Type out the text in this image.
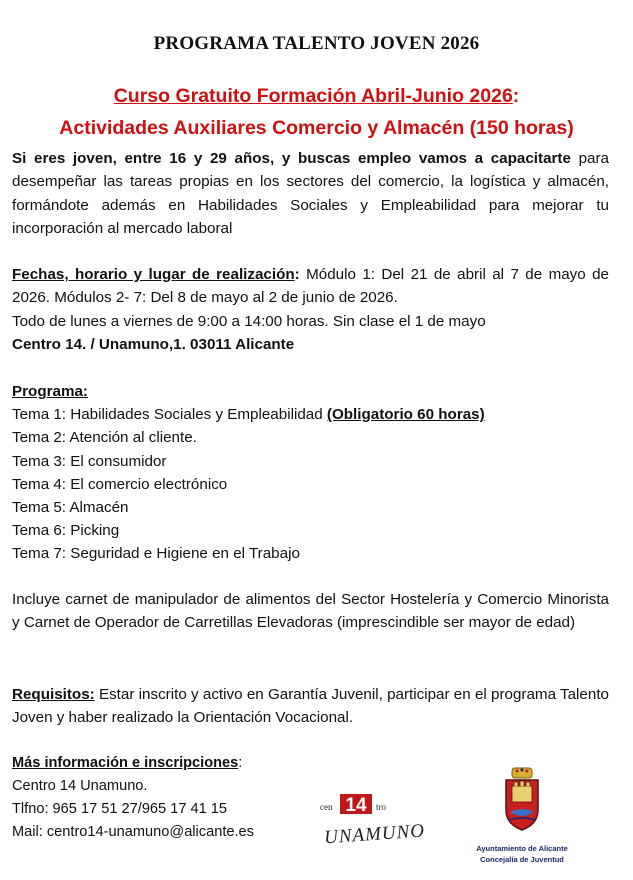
PROGRAMA TALENTO JOVEN 2026
Curso Gratuito Formación Abril-Junio 2026:
Actividades Auxiliares Comercio y Almacén (150 horas)
Si eres joven, entre 16 y 29 años, y buscas empleo vamos a capacitarte para desempeñar las tareas propias en los sectores del comercio, la logística y almacén, formándote además en Habilidades Sociales y Empleabilidad para mejorar tu incorporación al mercado laboral
Fechas, horario y lugar de realización: Módulo 1: Del 21 de abril al 7 de mayo de 2026. Módulos 2- 7: Del 8 de mayo al 2 de junio de 2026.
Todo de lunes a viernes de 9:00 a 14:00 horas. Sin clase el 1 de mayo
Centro 14. / Unamuno,1. 03011 Alicante
Programa:
Tema 1: Habilidades Sociales y Empleabilidad (Obligatorio 60 horas)
Tema 2: Atención al cliente.
Tema 3: El consumidor
Tema 4: El comercio electrónico
Tema 5: Almacén
Tema 6: Picking
Tema 7: Seguridad e Higiene en el Trabajo
Incluye carnet de manipulador de alimentos del Sector Hostelería y Comercio Minorista y Carnet de Operador de Carretillas Elevadoras (imprescindible ser mayor de edad)
Requisitos: Estar inscrito y activo en Garantía Juvenil, participar en el programa Talento Joven y haber realizado la Orientación Vocacional.
Más información e inscripciones:
Centro 14 Unamuno.
Tlfno: 965 17 51 27/965 17 41 15
Mail: centro14-unamuno@alicante.es
cen 14 tro
UNAMUNO
Ayuntamiento de Alicante
Concejalía de Juventud
